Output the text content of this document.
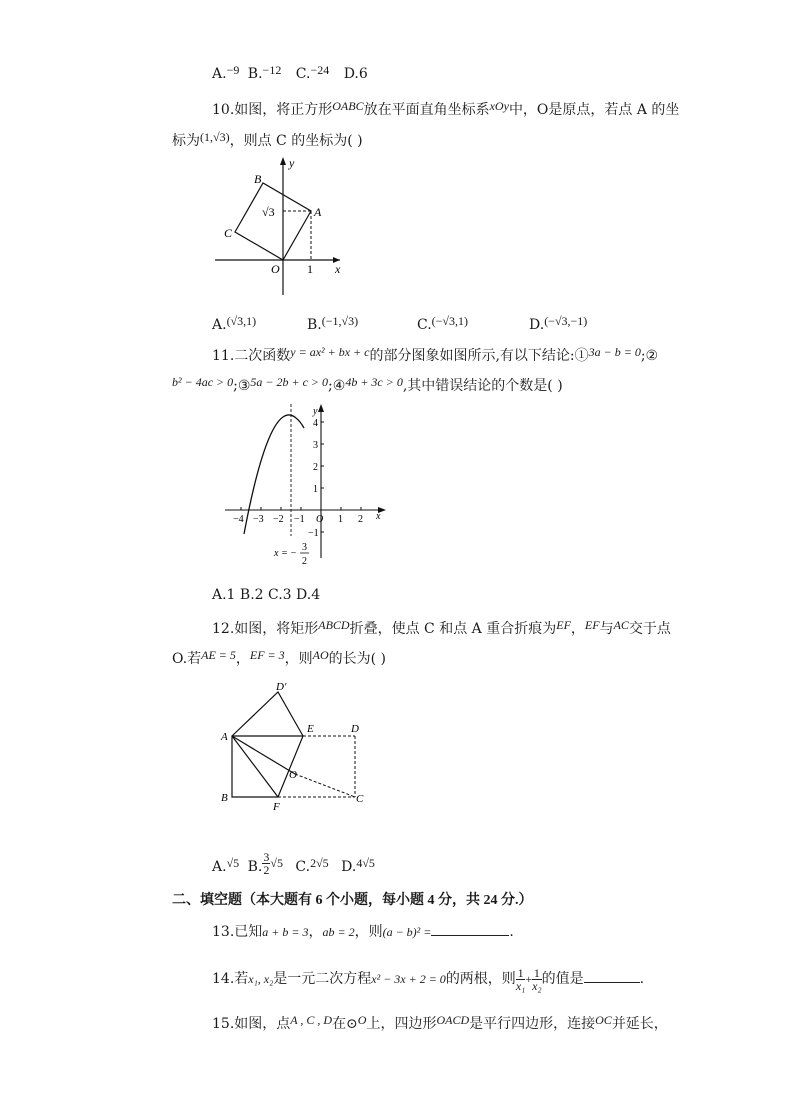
A.−9 B.−12 C.−24 D.6
10.如图，将正方形OABC放在平面直角坐标系xOy中，O是原点，若点 A 的坐
标为(1,√3)，则点 C 的坐标为( )
y
B
√3	A
C
O 1 x
A.(√3,1)	B.(−1,√3)	C.(−√3,1)	D.(−√3,−1)
11.二次函数y = ax² + bx + c的部分图象如图所示,有以下结论:①3a − b = 0;②
b² − 4ac > 0;③5a − 2b + c > 0;④4b + 3c > 0,其中错误结论的个数是( )
y
4
3
2
1
−1
−4 −3 −2 −1 O 1 2 x
x = −
3
2
A.1 B.2 C.3 D.4
12.如图，将矩形ABCD折叠，使点 C 和点 A 重合折痕为EF，EF与AC交于点
O.若AE = 5，EF = 3，则AO的长为( )
D′
A
E	D
O
B
F
C
A.√5 B. $\frac{3}{2} √5$ C.2√5 D.4√5
二、填空题（本大题有 6 个小题，每小题 4 分，共 24 分.）
13.已知a + b = 3，ab = 2，则(a − b)² =	.
14.若x₁, x₂是一元二次方程x² − 3x + 2 = 0的两根，则 $\frac{1}{\text{x₁}} + \frac{1}{\text{x₂}}$ 的值是	.
15.如图，点A , C , D在⊙O上，四边形OACD是平行四边形，连接OC并延长，
